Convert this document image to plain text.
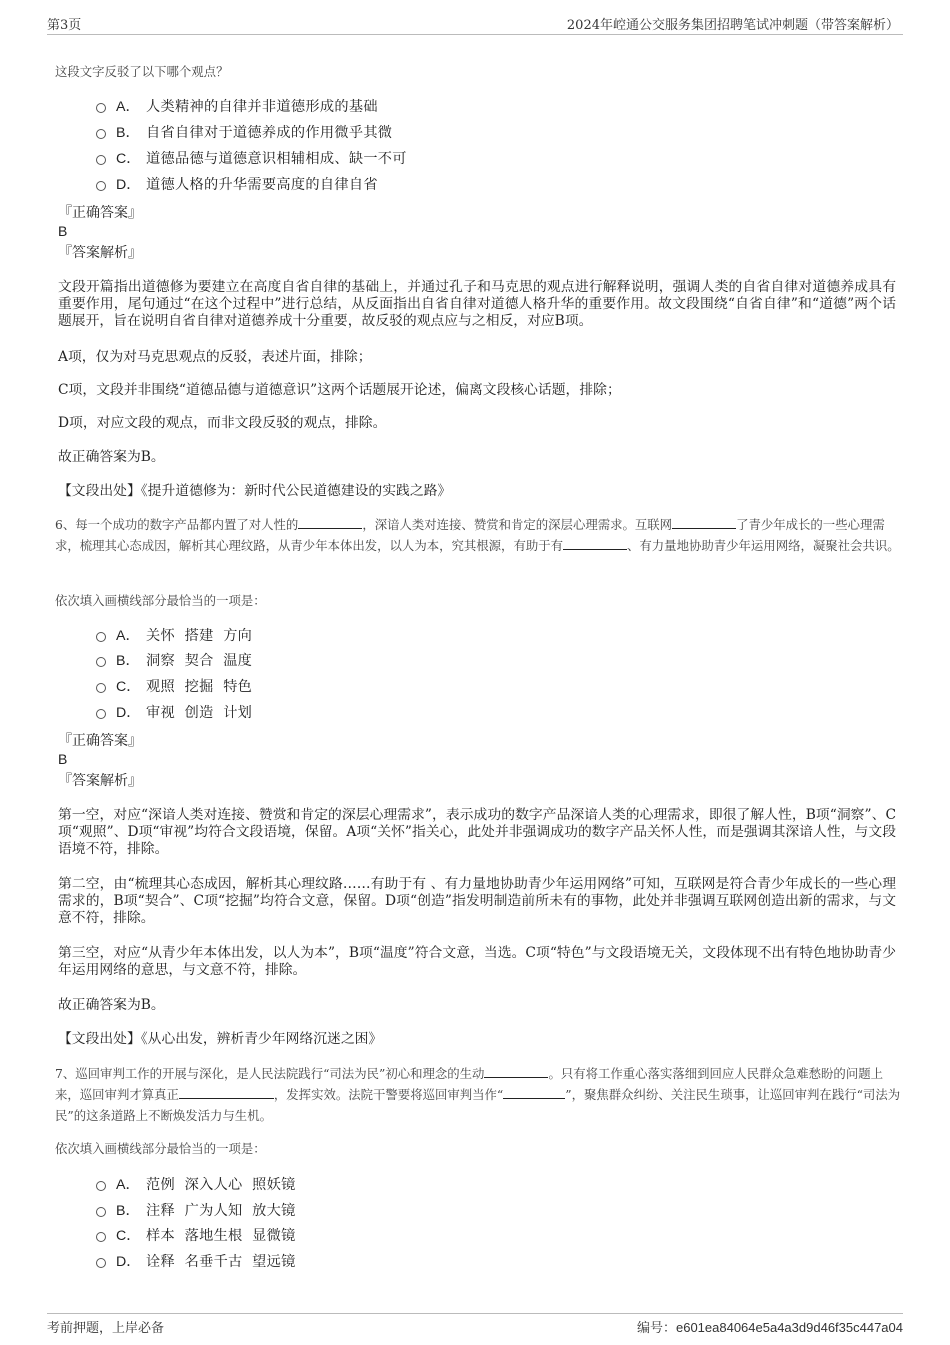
第3页	2024年崆通公交服务集团招聘笔试冲刺题（带答案解析）
这段文字反驳了以下哪个观点？
A． 人类精神的自律并非道德形成的基础
B． 自省自律对于道德养成的作用微乎其微
C． 道德品德与道德意识相辅相成、缺一不可
D． 道德人格的升华需要高度的自律自省
『正确答案』
B
『答案解析』
文段开篇指出道德修为要建立在高度自省自律的基础上，并通过孔子和马克思的观点进行解释说明，强调人类的自省自律对道德养成具有重要作用，尾句通过“在这个过程中”进行总结，从反面指出自省自律对道德人格升华的重要作用。故文段围绕“自省自律”和“道德”两个话题展开，旨在说明自省自律对道德养成十分重要，故反驳的观点应与之相反，对应B项。
A项，仅为对马克思观点的反驳，表述片面，排除；
C项，文段并非围绕“道德品德与道德意识”这两个话题展开论述，偏离文段核心话题，排除；
D项，对应文段的观点，而非文段反驳的观点，排除。
故正确答案为B。
【文段出处】《提升道德修为：新时代公民道德建设的实践之路》
6、每一个成功的数字产品都内置了对人性的	，深谙人类对连接、赞赏和肯定的深层心理需求。互联网	了青少年成长的一些心理需求，梳理其心态成因，解析其心理纹路，从青少年本体出发，以人为本，究其根源，有助于有	、有力量地协助青少年运用网络，凝聚社会共识。
依次填入画横线部分最恰当的一项是：
A． 关怀  搭建  方向
B． 洞察  契合  温度
C． 观照  挖掘  特色
D． 审视  创造  计划
『正确答案』
B
『答案解析』
第一空，对应“深谙人类对连接、赞赏和肯定的深层心理需求”，表示成功的数字产品深谙人类的心理需求，即很了解人性，B项“洞察”、C项“观照”、D项“审视”均符合文段语境，保留。A项“关怀”指关心，此处并非强调成功的数字产品关怀人性，而是强调其深谙人性，与文段语境不符，排除。
第二空，由“梳理其心态成因，解析其心理纹路……有助于有 、有力量地协助青少年运用网络”可知，互联网是符合青少年成长的一些心理需求的，B项“契合”、C项“挖掘”均符合文意，保留。D项“创造”指发明制造前所未有的事物，此处并非强调互联网创造出新的需求，与文意不符，排除。
第三空，对应“从青少年本体出发，以人为本”，B项“温度”符合文意，当选。C项“特色”与文段语境无关，文段体现不出有特色地协助青少年运用网络的意思，与文意不符，排除。
故正确答案为B。
【文段出处】《从心出发，辨析青少年网络沉迷之困》
7、巡回审判工作的开展与深化，是人民法院践行“司法为民”初心和理念的生动	。只有将工作重心落实落细到回应人民群众急难愁盼的问题上来，巡回审判才算真正	，发挥实效。法院干警要将巡回审判当作“	”，聚焦群众纠纷、关注民生琐事，让巡回审判在践行“司法为民”的这条道路上不断焕发活力与生机。
依次填入画横线部分最恰当的一项是：
A． 范例  深入人心  照妖镜
B． 注释  广为人知  放大镜
C． 样本  落地生根  显微镜
D． 诠释  名垂千古  望远镜
考前押题，上岸必备	编号：e601ea84064e5a4a3d9d46f35c447a04
